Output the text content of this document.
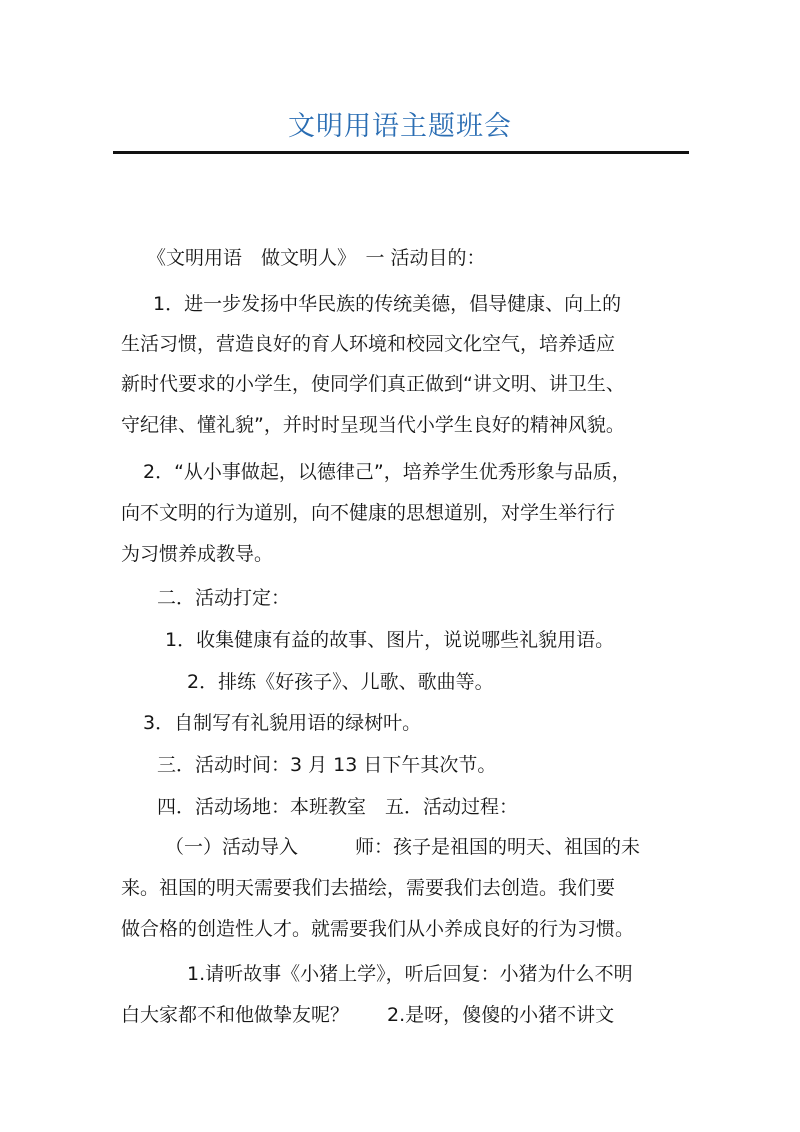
文明用语主题班会
《文明用语　做文明人》　一 活动目的：
1．进一步发扬中华民族的传统美德，倡导健康、向上的
生活习惯，营造良好的育人环境和校园文化空气，培养适应
新时代要求的小学生，使同学们真正做到“讲文明、讲卫生、
守纪律、懂礼貌”，并时时呈现当代小学生良好的精神风貌。
2．“从小事做起，以德律己”，培养学生优秀形象与品质，
向不文明的行为道别，向不健康的思想道别，对学生举行行
为习惯养成教导。
二．活动打定：
1．收集健康有益的故事、图片，说说哪些礼貌用语。
2．排练《好孩子》、儿歌、歌曲等。
3．自制写有礼貌用语的绿树叶。
三．活动时间：3 月 13 日下午其次节。
四．活动场地：本班教室　五．活动过程：
（一）活动导入　　　师：孩子是祖国的明天、祖国的未
来。祖国的明天需要我们去描绘，需要我们去创造。我们要
做合格的创造性人才。就需要我们从小养成良好的行为习惯。
1.请听故事《小猪上学》，听后回复：小猪为什么不明
白大家都不和他做挚友呢？　　2.是呀，傻傻的小猪不讲文
